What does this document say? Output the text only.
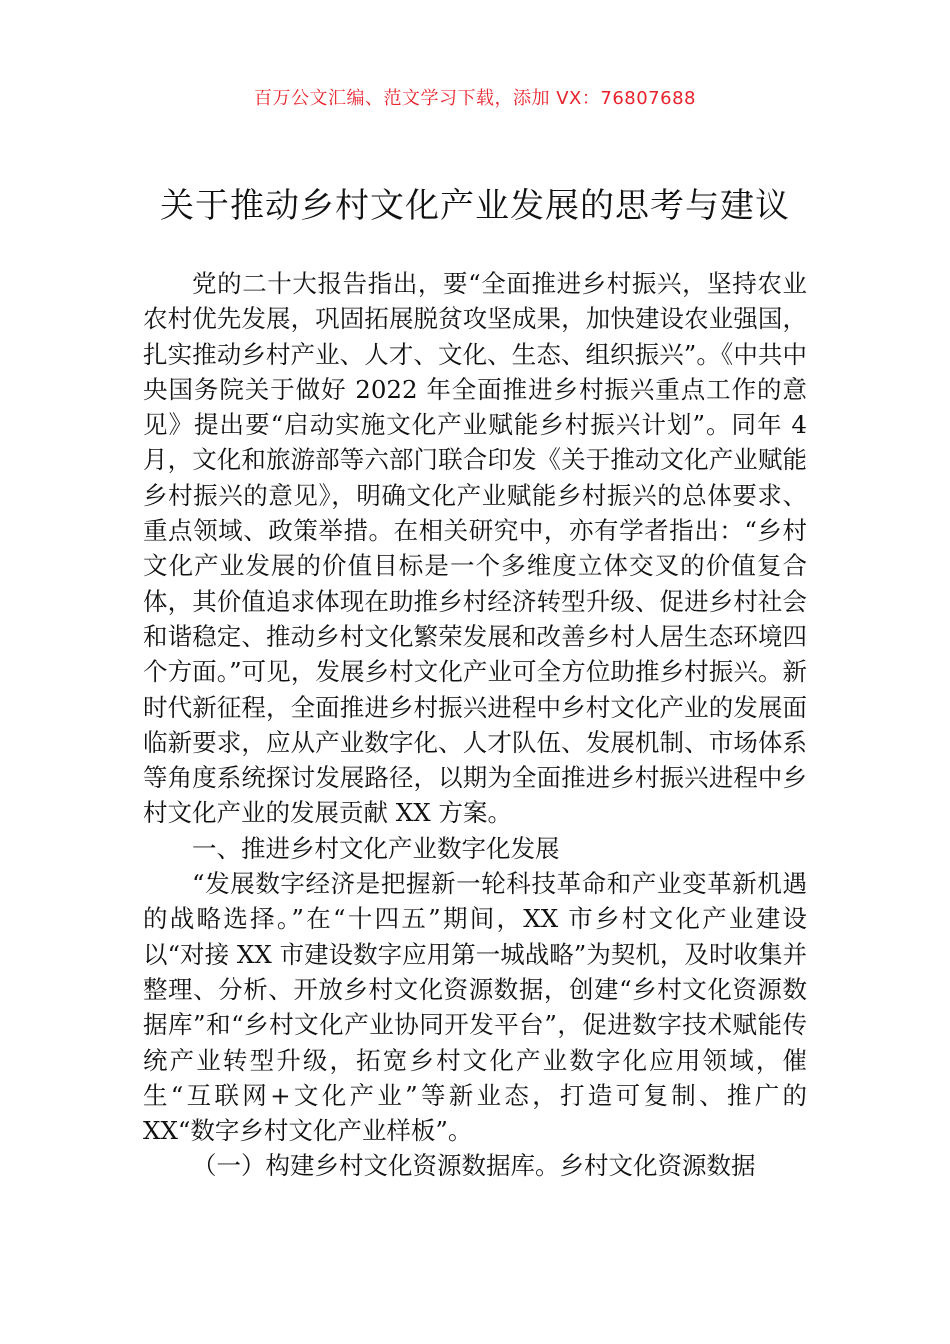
百万公文汇编、范文学习下载，添加 VX：76807688
关于推动乡村文化产业发展的思考与建议

党的二十大报告指出，要“全面推进乡村振兴，坚持农业农村优先发展，巩固拓展脱贫攻坚成果，加快建设农业强国，扎实推动乡村产业、人才、文化、生态、组织振兴”。《中共中央国务院关于做好 2022 年全面推进乡村振兴重点工作的意见》提出要“启动实施文化产业赋能乡村振兴计划”。同年 4 月，文化和旅游部等六部门联合印发《关于推动文化产业赋能乡村振兴的意见》，明确文化产业赋能乡村振兴的总体要求、重点领域、政策举措。在相关研究中，亦有学者指出：“乡村文化产业发展的价值目标是一个多维度立体交叉的价值复合体，其价值追求体现在助推乡村经济转型升级、促进乡村社会和谐稳定、推动乡村文化繁荣发展和改善乡村人居生态环境四个方面。”可见，发展乡村文化产业可全方位助推乡村振兴。新时代新征程，全面推进乡村振兴进程中乡村文化产业的发展面临新要求，应从产业数字化、人才队伍、发展机制、市场体系等角度系统探讨发展路径，以期为全面推进乡村振兴进程中乡村文化产业的发展贡献 XX 方案。

一、推进乡村文化产业数字化发展

“发展数字经济是把握新一轮科技革命和产业变革新机遇的战略选择。”在“十四五”期间，XX 市乡村文化产业建设以“对接 XX 市建设数字应用第一城战略”为契机，及时收集并整理、分析、开放乡村文化资源数据，创建“乡村文化资源数据库”和“乡村文化产业协同开发平台”，促进数字技术赋能传统产业转型升级，拓宽乡村文化产业数字化应用领域，催生“互联网+文化产业”等新业态，打造可复制、推广的 XX“数字乡村文化产业样板”。

（一）构建乡村文化资源数据库。乡村文化资源数据
